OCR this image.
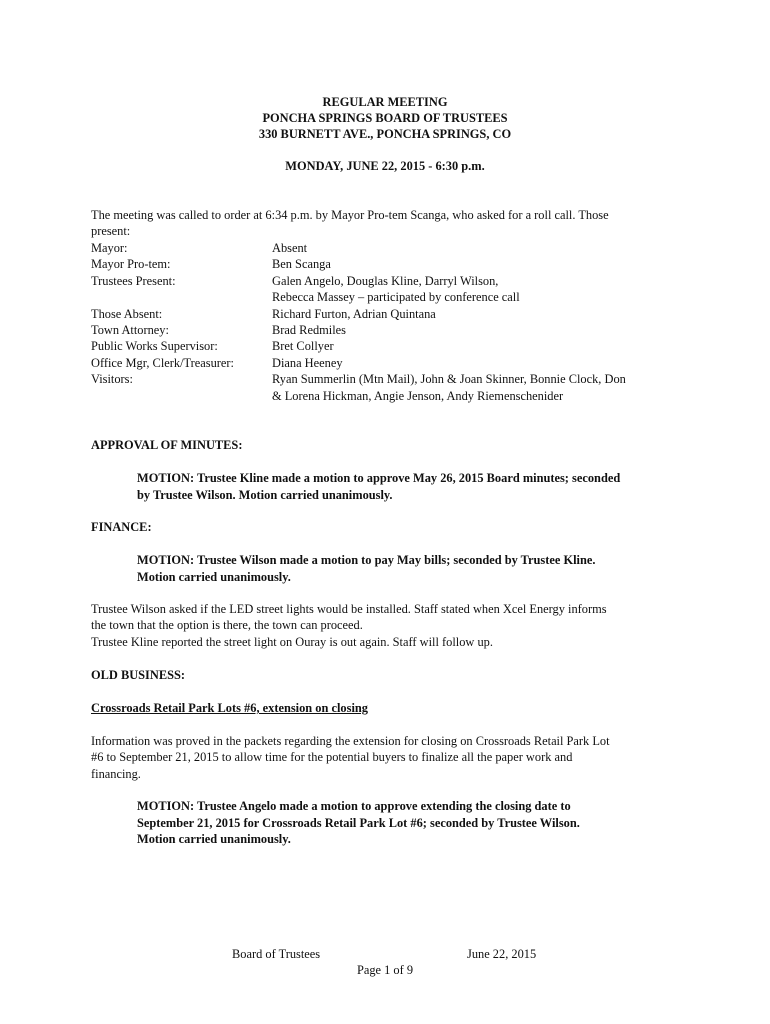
REGULAR MEETING
PONCHA SPRINGS BOARD OF TRUSTEES
330 BURNETT AVE., PONCHA SPRINGS, CO
MONDAY, JUNE 22, 2015 - 6:30 p.m.
The meeting was called to order at 6:34 p.m. by Mayor Pro-tem Scanga, who asked for a roll call. Those
present:
Mayor:	Absent
Mayor Pro-tem:	Ben Scanga
Trustees Present:	Galen Angelo, Douglas Kline, Darryl Wilson,
Rebecca Massey – participated by conference call
Those Absent:	Richard Furton, Adrian Quintana
Town Attorney:	Brad Redmiles
Public Works Supervisor:	Bret Collyer
Office Mgr, Clerk/Treasurer:	Diana Heeney
Visitors:	Ryan Summerlin (Mtn Mail), John & Joan Skinner, Bonnie Clock, Don
& Lorena Hickman, Angie Jenson, Andy Riemenschenider
APPROVAL OF MINUTES:
MOTION: Trustee Kline made a motion to approve May 26, 2015 Board minutes; seconded
by Trustee Wilson. Motion carried unanimously.
FINANCE:
MOTION: Trustee Wilson made a motion to pay May bills; seconded by Trustee Kline.
Motion carried unanimously.
Trustee Wilson asked if the LED street lights would be installed. Staff stated when Xcel Energy informs
the town that the option is there, the town can proceed.
Trustee Kline reported the street light on Ouray is out again. Staff will follow up.
OLD BUSINESS:
Crossroads Retail Park Lots #6, extension on closing
Information was proved in the packets regarding the extension for closing on Crossroads Retail Park Lot
#6 to September 21, 2015 to allow time for the potential buyers to finalize all the paper work and
financing.
MOTION: Trustee Angelo made a motion to approve extending the closing date to
September 21, 2015 for Crossroads Retail Park Lot #6; seconded by Trustee Wilson.
Motion carried unanimously.
Board of Trustees	June 22, 2015
Page 1 of 9
